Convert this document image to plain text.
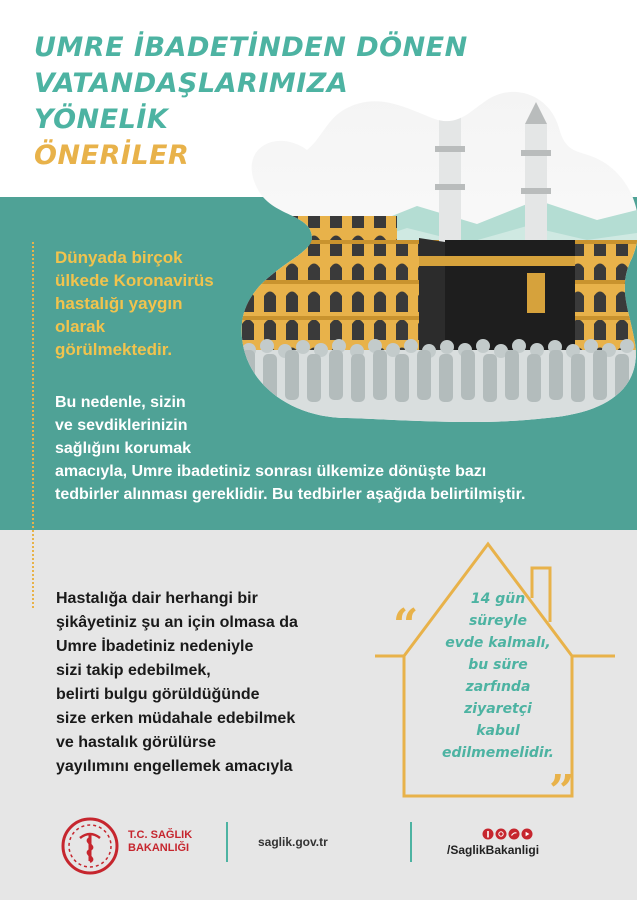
UMRE İBADETİNDEN DÖNEN
VATANDAŞLARIMIZA
YÖNELİK
ÖNERİLER

Dünyada birçok
ülkede Koronavirüs
hastalığı yaygın
olarak
görülmektedir.

Bu nedenle, sizin
ve sevdiklerinizin
sağlığını korumak
amacıyla, Umre ibadetiniz sonrası ülkemize dönüşte bazı
tedbirler alınması gereklidir. Bu tedbirler aşağıda belirtilmiştir.

Hastalığa dair herhangi bir
şikâyetiniz şu an için olmasa da
Umre İbadetiniz nedeniyle
sizi takip edebilmek,
belirti bulgu görüldüğünde
size erken müdahale edebilmek
ve hastalık görülürse
yayılımını engellemek amacıyla

“
”

14 gün
süreyle
evde kalmalı,
bu süre
zarfında
ziyaretçi
kabul
edilmemelidir.

T.C. SAĞLIK
BAKANLIĞI	saglik.gov.tr

/SaglikBakanligi
